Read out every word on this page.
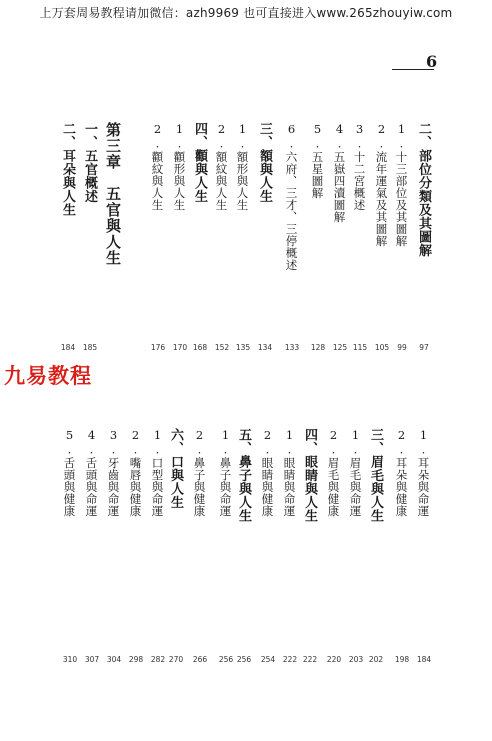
上万套周易教程请加微信：azh9969 也可直接进入www.265zhouyiw.com
6
二、部位分類及其圖解
97
1.十三部位及其圖解
99
2.流年運氣及其圖解
105
3.十二宮概述
115
4.五嶽四瀆圖解
125
5.五星圖解
128
6.六府、三才、三停概述
133
三、額與人生
134
1.額形與人生
135
2.額紋與人生
152
四、顴與人生
168
1.顴形與人生
170
2.顴紋與人生
176
第三章　五官與人生
一、五官概述
185
二、耳朵與人生
184
1.耳朵與命運
184
2.耳朵與健康
198
三、眉毛與人生
202
1.眉毛與命運
203
2.眉毛與健康
220
四、眼睛與人生
222
1.眼睛與命運
222
2.眼睛與健康
254
五、鼻子與人生
256
1.鼻子與命運
256
2.鼻子與健康
266
六、口與人生
270
1.口型與命運
282
2.嘴唇與健康
298
3.牙齒與命運
304
4.舌頭與命運
307
5.舌頭與健康
310
九易教程
